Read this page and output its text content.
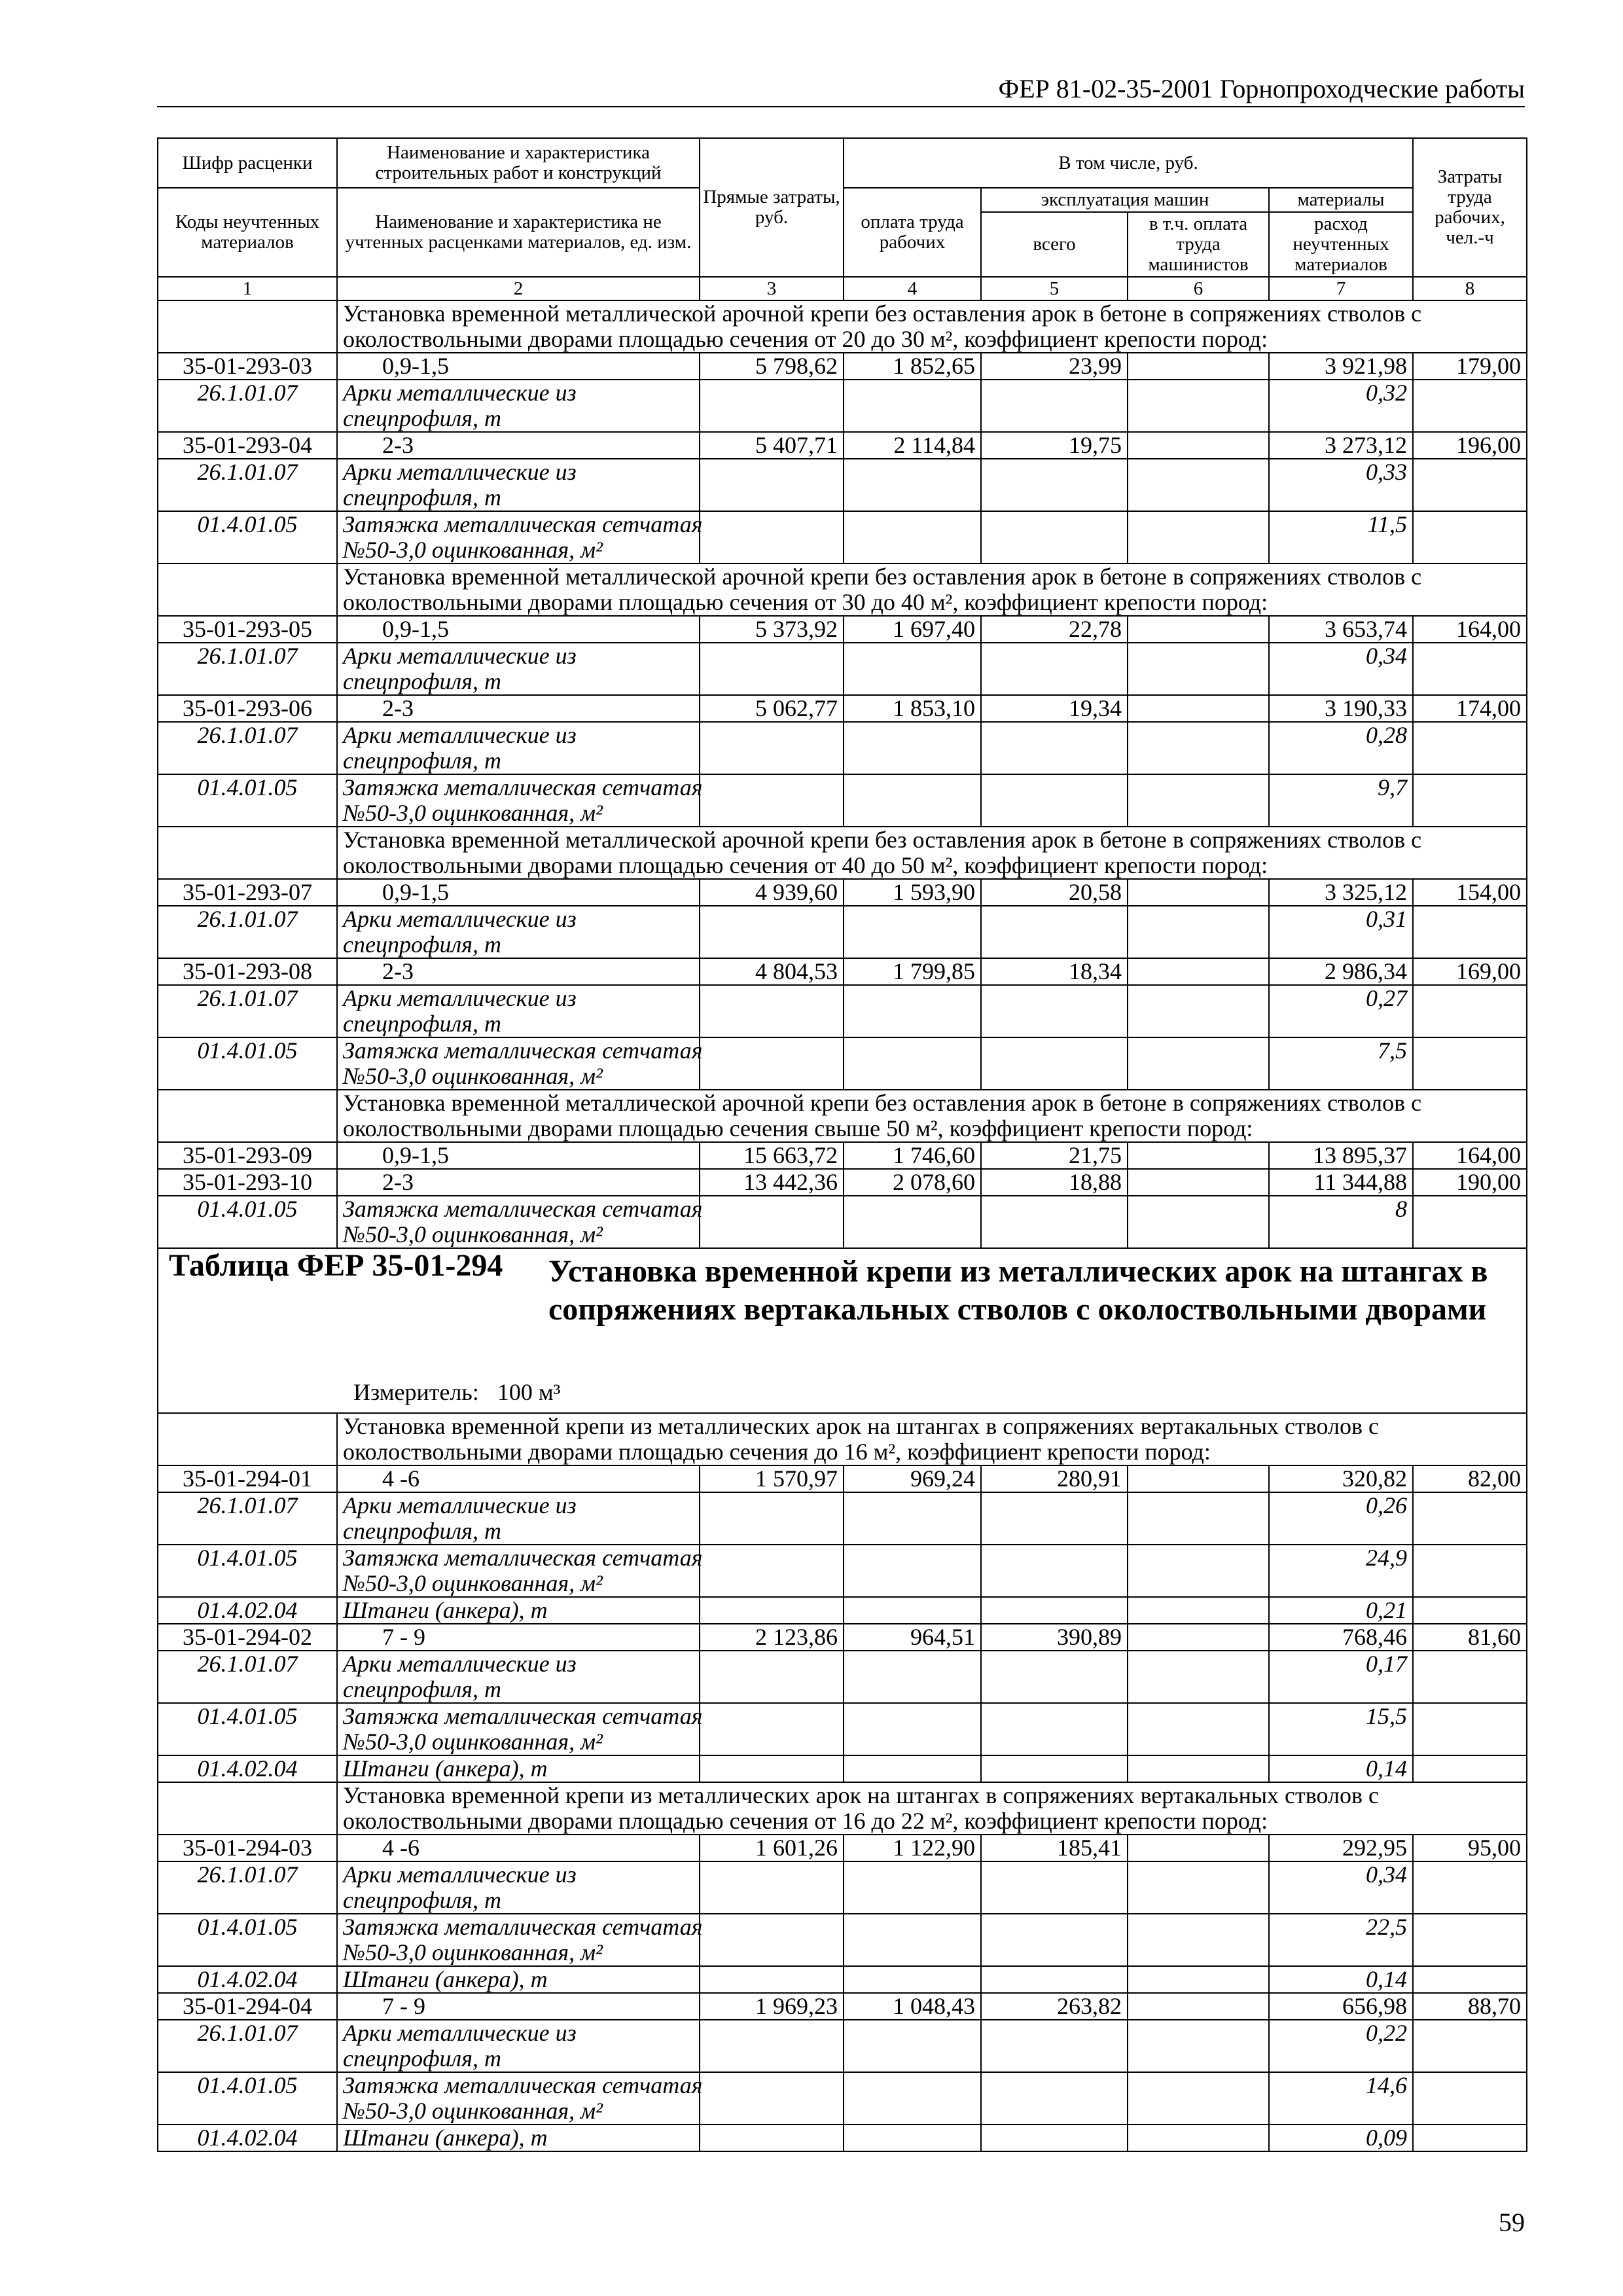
ФЕР 81-02-35-2001 Горнопроходческие работы
Шифр расценки	Наименование и характеристика строительных работ и конструкций	Прямые затраты, руб.	В том числе, руб.				Затраты труда рабочих, чел.-ч
Коды неучтенных материалов	Наименование и характеристика не учтенных расценками материалов, ед. изм.		оплата труда рабочих	эксплуатация машин		материалы	
				всего	в т.ч. оплата труда машинистов	расход неучтенных материалов	
1	2	3	4	5	6	7	8

	Установка временной металлической арочной крепи без оставления арок в бетоне в сопряжениях стволов с
околоствольными дворами площадью сечения от 20 до 30 м², коэффициент крепости пород:						

35-01-293-03	0,9-1,5	5 798,62	1 852,65	23,99		3 921,98	179,00
26.1.01.07	Арки металлические из
спецпрофиля, т					0,32	
35-01-293-04	2-3	5 407,71	2 114,84	19,75		3 273,12	196,00
26.1.01.07	Арки металлические из
спецпрофиля, т					0,33	
01.4.01.05	Затяжка металлическая сетчатая
№50-3,0 оцинкованная, м²					11,5	

	Установка временной металлической арочной крепи без оставления арок в бетоне в сопряжениях стволов с
околоствольными дворами площадью сечения от 30 до 40 м², коэффициент крепости пород:						

35-01-293-05	0,9-1,5	5 373,92	1 697,40	22,78		3 653,74	164,00
26.1.01.07	Арки металлические из
спецпрофиля, т					0,34	
35-01-293-06	2-3	5 062,77	1 853,10	19,34		3 190,33	174,00
26.1.01.07	Арки металлические из
спецпрофиля, т					0,28	
01.4.01.05	Затяжка металлическая сетчатая
№50-3,0 оцинкованная, м²					9,7	

	Установка временной металлической арочной крепи без оставления арок в бетоне в сопряжениях стволов с
околоствольными дворами площадью сечения от 40 до 50 м², коэффициент крепости пород:						

35-01-293-07	0,9-1,5	4 939,60	1 593,90	20,58		3 325,12	154,00
26.1.01.07	Арки металлические из
спецпрофиля, т					0,31	
35-01-293-08	2-3	4 804,53	1 799,85	18,34		2 986,34	169,00
26.1.01.07	Арки металлические из
спецпрофиля, т					0,27	
01.4.01.05	Затяжка металлическая сетчатая
№50-3,0 оцинкованная, м²					7,5	

	Установка временной металлической арочной крепи без оставления арок в бетоне в сопряжениях стволов с
околоствольными дворами площадью сечения свыше 50 м², коэффициент крепости пород:						

35-01-293-09	0,9-1,5	15 663,72	1 746,60	21,75		13 895,37	164,00
35-01-293-10	2-3	13 442,36	2 078,60	18,88		11 344,88	190,00
01.4.01.05	Затяжка металлическая сетчатая
№50-3,0 оцинкованная, м²					8	

Таблица ФЕР 35-01-294 Установка временной крепи из металлических арок на штангах в сопряжениях вертакальных стволов с околоствольными дворами
Измеритель: 100 м³							

	Установка временной крепи из металлических арок на штангах в сопряжениях вертакальных стволов с
околоствольными дворами площадью сечения до 16 м², коэффициент крепости пород:						

35-01-294-01	4 -6	1 570,97	969,24	280,91		320,82	82,00
26.1.01.07	Арки металлические из
спецпрофиля, т					0,26	
01.4.01.05	Затяжка металлическая сетчатая
№50-3,0 оцинкованная, м²					24,9	
01.4.02.04	Штанги (анкера), т					0,21	
35-01-294-02	7 - 9	2 123,86	964,51	390,89		768,46	81,60
26.1.01.07	Арки металлические из
спецпрофиля, т					0,17	
01.4.01.05	Затяжка металлическая сетчатая
№50-3,0 оцинкованная, м²					15,5	
01.4.02.04	Штанги (анкера), т					0,14	

	Установка временной крепи из металлических арок на штангах в сопряжениях вертакальных стволов с
околоствольными дворами площадью сечения от 16 до 22 м², коэффициент крепости пород:						

35-01-294-03	4 -6	1 601,26	1 122,90	185,41		292,95	95,00
26.1.01.07	Арки металлические из
спецпрофиля, т					0,34	
01.4.01.05	Затяжка металлическая сетчатая
№50-3,0 оцинкованная, м²					22,5	
01.4.02.04	Штанги (анкера), т					0,14	
35-01-294-04	7 - 9	1 969,23	1 048,43	263,82		656,98	88,70
26.1.01.07	Арки металлические из
спецпрофиля, т					0,22	
01.4.01.05	Затяжка металлическая сетчатая
№50-3,0 оцинкованная, м²					14,6	
01.4.02.04	Штанги (анкера), т					0,09	
59
